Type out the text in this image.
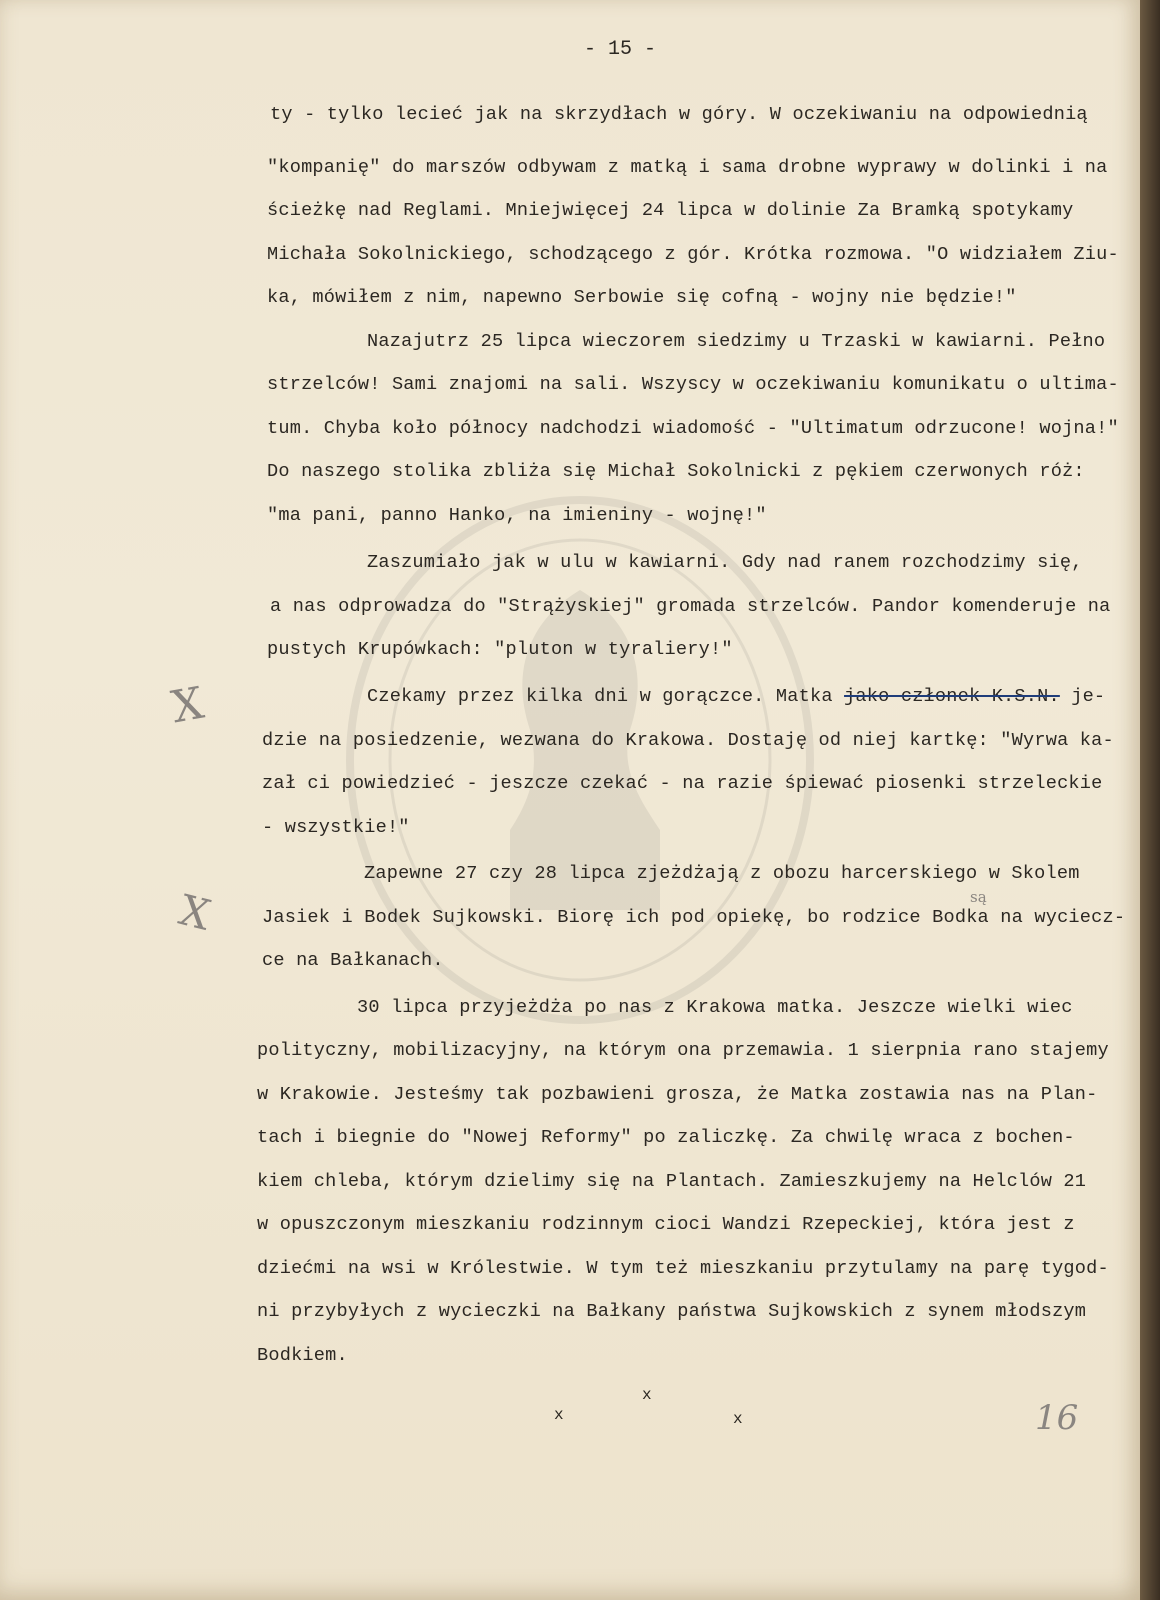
- 15 -
ty - tylko lecieć jak na skrzydłach w góry. W oczekiwaniu na odpowiednią
"kompanię" do marszów odbywam z matką i sama drobne wyprawy w dolinki i na
ścieżkę nad Reglami. Mniejwięcej 24 lipca w dolinie Za Bramką spotykamy
Michała Sokolnickiego, schodzącego z gór. Krótka rozmowa. "O widziałem Ziu-
ka, mówiłem z nim, napewno Serbowie się cofną - wojny nie będzie!"
Nazajutrz 25 lipca wieczorem siedzimy u Trzaski w kawiarni. Pełno
strzelców! Sami znajomi na sali. Wszyscy w oczekiwaniu komunikatu o ultima-
tum. Chyba koło północy nadchodzi wiadomość - "Ultimatum odrzucone! wojna!"
Do naszego stolika zbliża się Michał Sokolnicki z pękiem czerwonych róż:
"ma pani, panno Hanko, na imieniny - wojnę!"
Zaszumiało jak w ulu w kawiarni. Gdy nad ranem rozchodzimy się,
a nas odprowadza do "Strążyskiej" gromada strzelców. Pandor komenderuje na
pustych Krupówkach: "pluton w tyraliery!"
Czekamy przez kilka dni w gorączce. Matka jako członek K.S.N. je-
dzie na posiedzenie, wezwana do Krakowa. Dostaję od niej kartkę: "Wyrwa ka-
zał ci powiedzieć - jeszcze czekać - na razie śpiewać piosenki strzeleckie
- wszystkie!"
Zapewne 27 czy 28 lipca zjeżdżają z obozu harcerskiego w Skolem
Jasiek i Bodek Sujkowski. Biorę ich pod opiekę, bo rodzice Bodka na wyciecz-
ce na Bałkanach.
są
30 lipca przyjeżdża po nas z Krakowa matka. Jeszcze wielki wiec
polityczny, mobilizacyjny, na którym ona przemawia. 1 sierpnia rano stajemy
w Krakowie. Jesteśmy tak pozbawieni grosza, że Matka zostawia nas na Plan-
tach i biegnie do "Nowej Reformy" po zaliczkę. Za chwilę wraca z bochen-
kiem chleba, którym dzielimy się na Plantach. Zamieszkujemy na Helclów 21
w opuszczonym mieszkaniu rodzinnym cioci Wandzi Rzepeckiej, która jest z
dziećmi na wsi w Królestwie. W tym też mieszkaniu przytulamy na parę tygod-
ni przybyłych z wycieczki na Bałkany państwa Sujkowskich z synem młodszym
Bodkiem.
x
x	x
X
X
16
